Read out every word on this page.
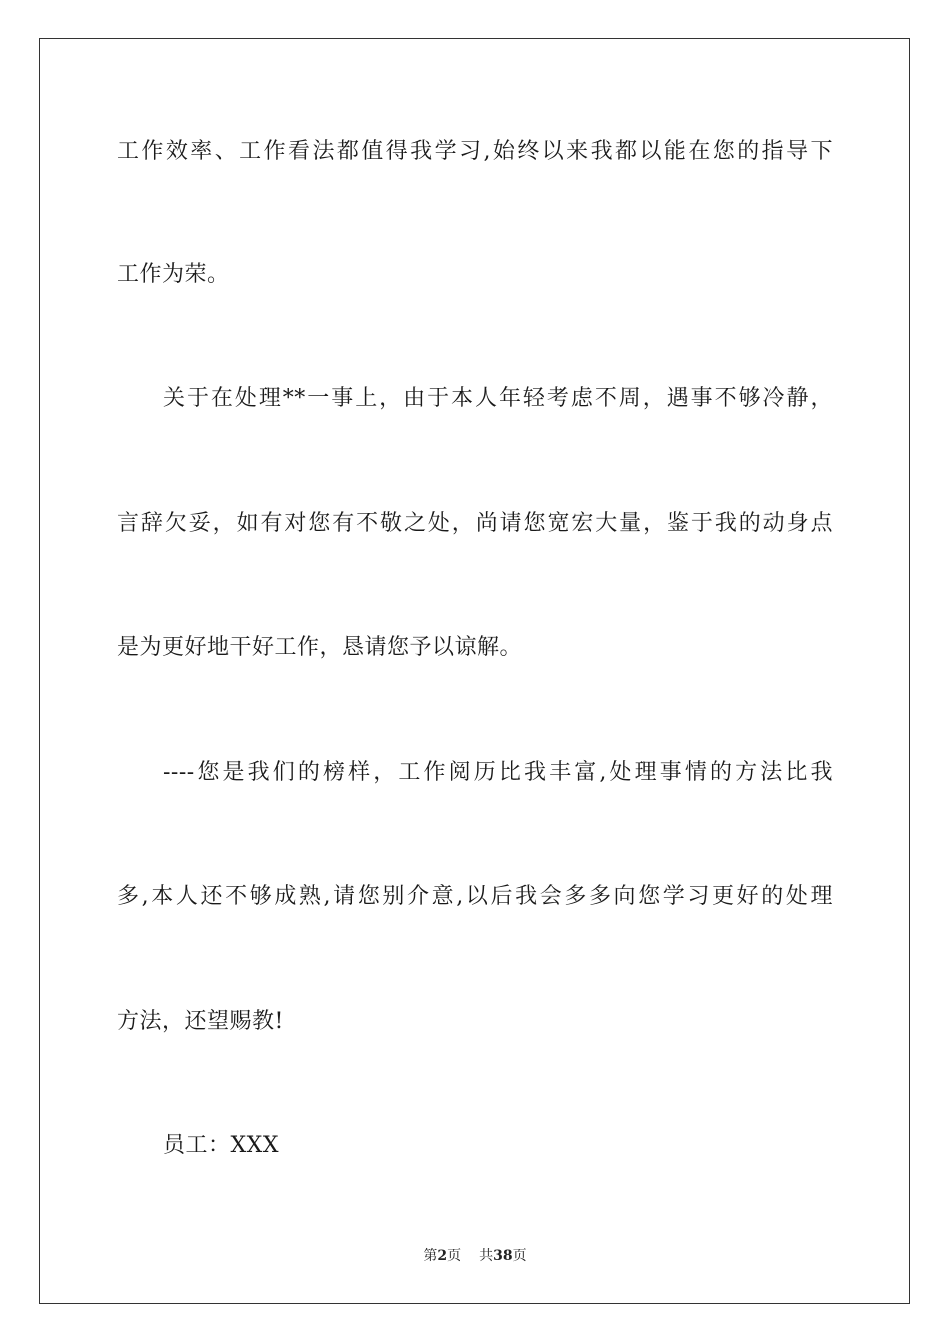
工作效率、工作看法都值得我学习,始终以来我都以能在您的指导下
工作为荣。
关于在处理**一事上，由于本人年轻考虑不周，遇事不够冷静，
言辞欠妥，如有对您有不敬之处，尚请您宽宏大量，鉴于我的动身点
是为更好地干好工作，恳请您予以谅解。
----您是我们的榜样，工作阅历比我丰富,处理事情的方法比我
多,本人还不够成熟,请您别介意,以后我会多多向您学习更好的处理
方法，还望赐教!
员工：XXX
第2页 共38页
